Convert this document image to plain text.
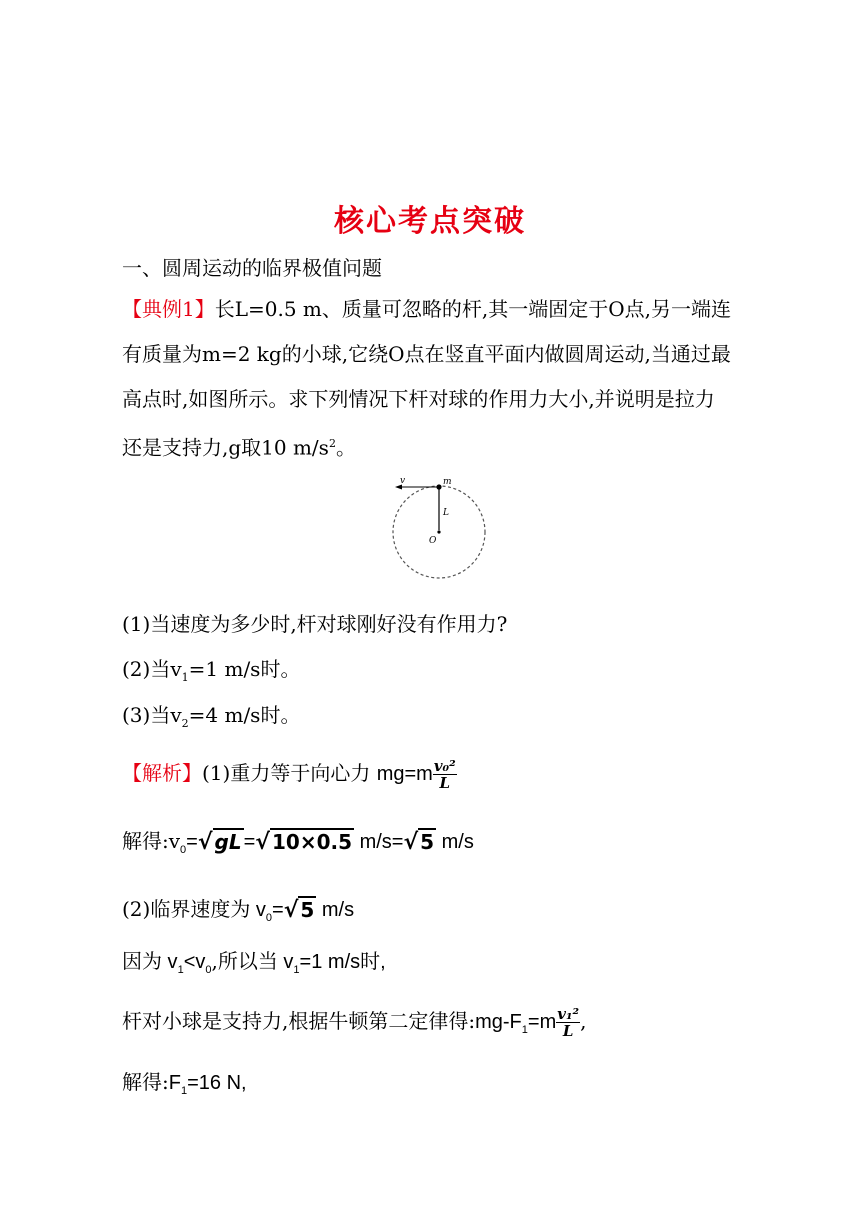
核心考点突破
一、圆周运动的临界极值问题
【典例1】长L=0.5 m、质量可忽略的杆,其一端固定于O点,另一端连
有质量为m=2 kg的小球,它绕O点在竖直平面内做圆周运动,当通过最
高点时,如图所示。求下列情况下杆对球的作用力大小,并说明是拉力
还是支持力,g取10 $m/s^2$。
v	m
L
O
(1)当速度为多少时,杆对球刚好没有作用力?
(2)当$v_1=1$ m/s时。
(3)当$v_2=4$ m/s时。
【解析】(1)重力等于向心力 $mg=m \frac{\text{v₀²}}{L}$
解得$:v_0=√$ gL =√ 10×0.5 m/s=√ 5 m/s
(2)临界速度为 $v_0=√$ 5 m/s
因为 $v_1<v_0$,所以当 $v_1=1$ m/s时,
杆对小球是支持力,根据牛顿第二定律得$:mg-F_1=m \frac{\text{v₁²}}{L}$ ,
解得$:F_1=16$ N,
